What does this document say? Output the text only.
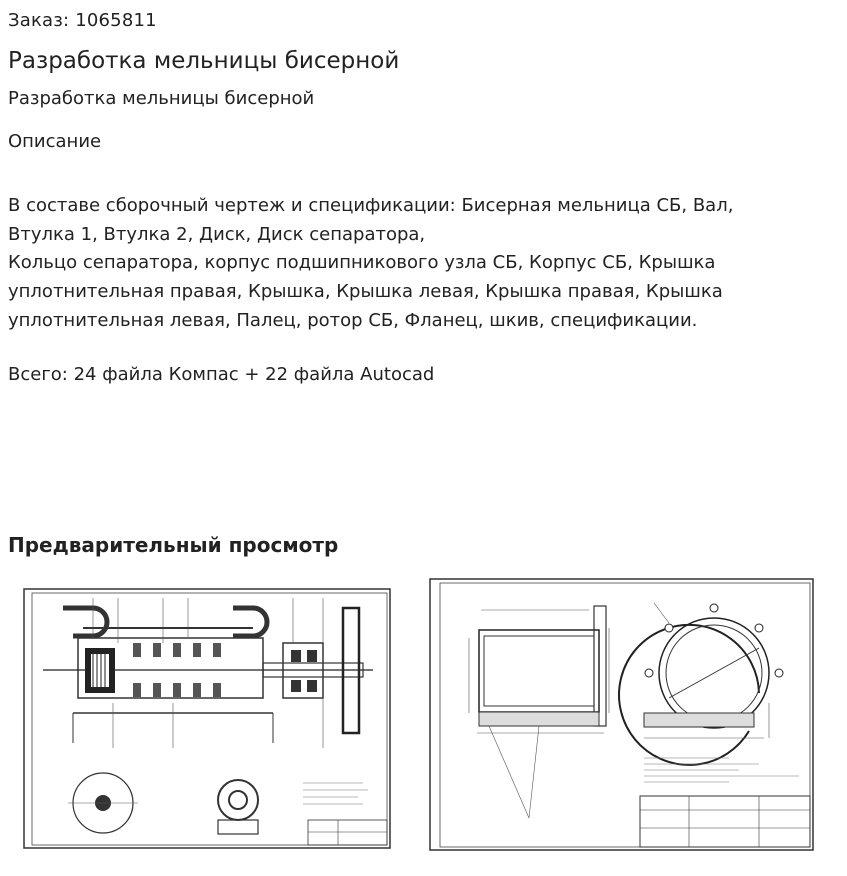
Заказ: 1065811
Разработка мельницы бисерной
Разработка мельницы бисерной
Описание

В составе сборочный чертеж и спецификации: Бисерная мельница СБ, Вал,

Втулка 1, Втулка 2, Диск, Диск сепаратора,

Кольцо сепаратора, корпус подшипникового узла СБ, Корпус СБ, Крышка

уплотнительная правая, Крышка, Крышка левая, Крышка правая, Крышка

уплотнительная левая, Палец, ротор СБ, Фланец, шкив, спецификации.

Всего: 24 файла Компас + 22 файла Autocad
Предварительный просмотр
